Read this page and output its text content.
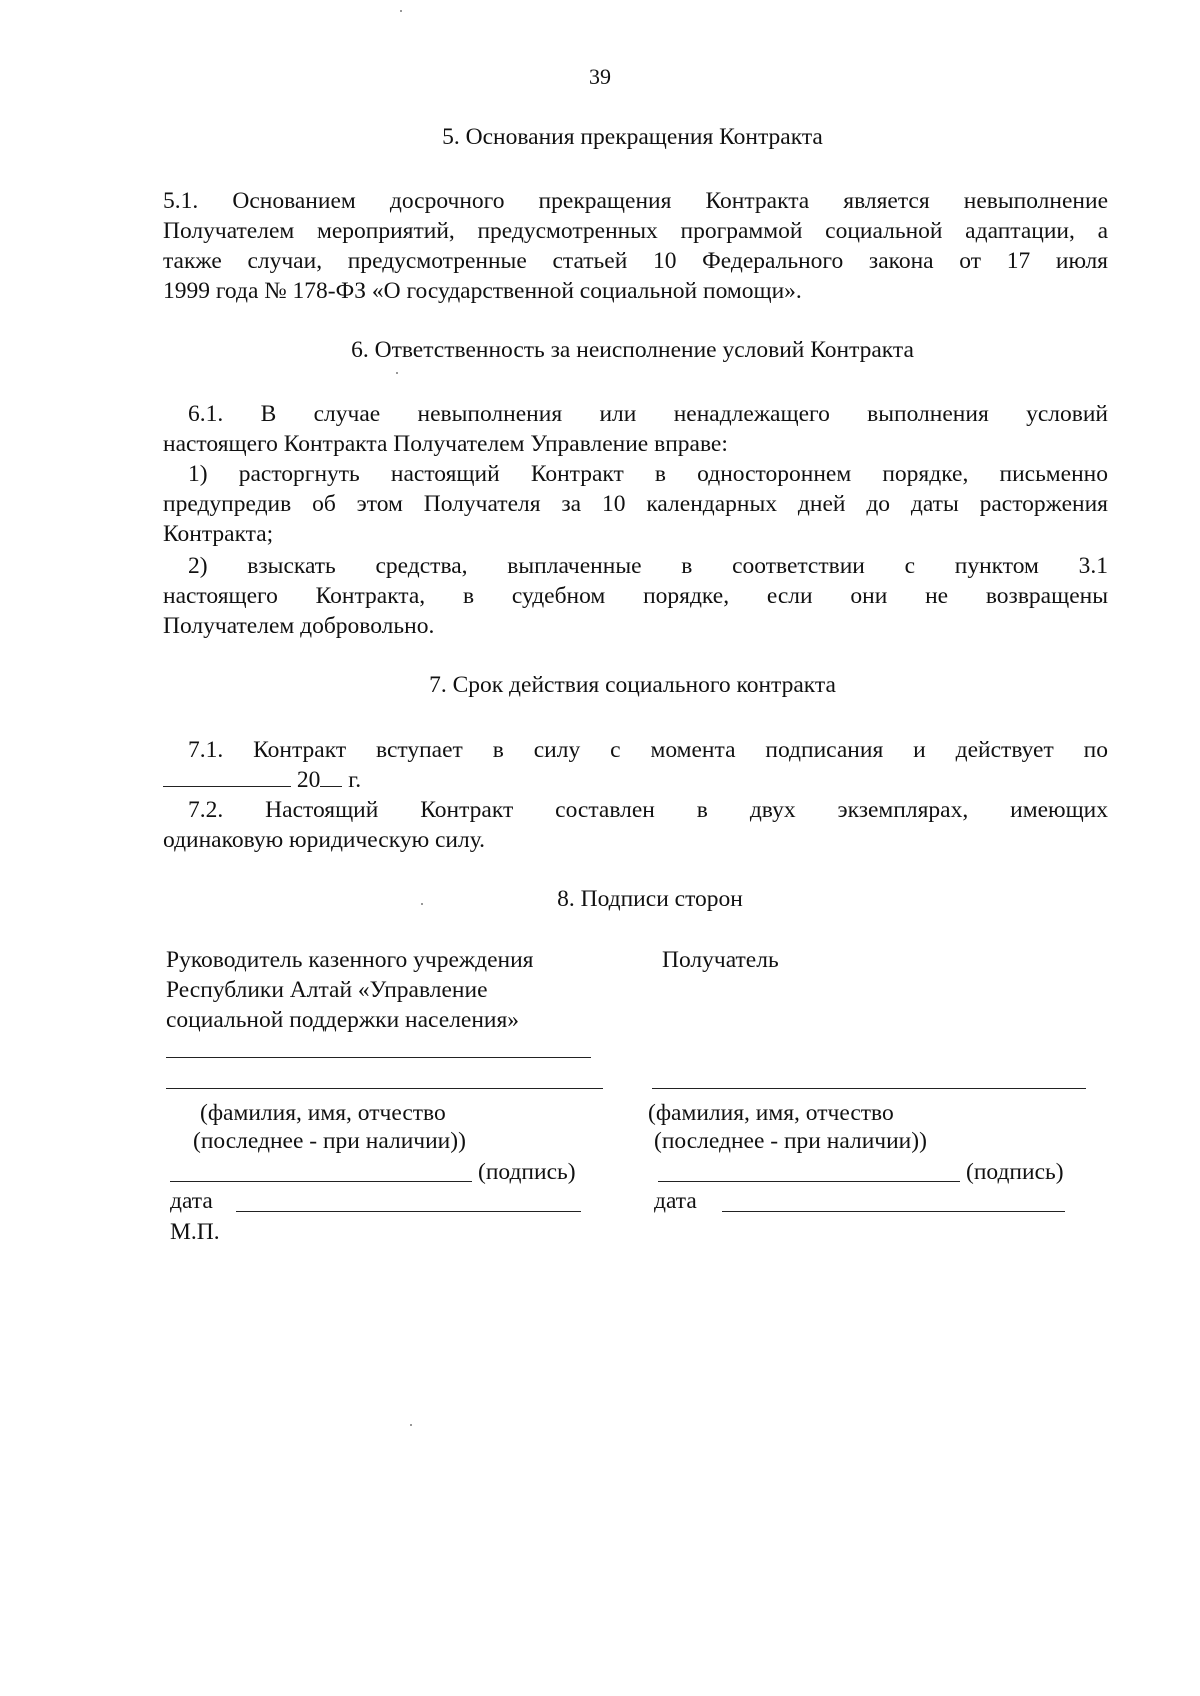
39
5. Основания прекращения Контракта
5.1. Основанием досрочного прекращения Контракта является невыполнение
Получателем мероприятий, предусмотренных программой социальной адаптации, а
также случаи, предусмотренные статьей 10 Федерального закона от 17 июля
1999 года № 178-ФЗ «О государственной социальной помощи».
6. Ответственность за неисполнение условий Контракта
6.1. В случае невыполнения или ненадлежащего выполнения условий
настоящего Контракта Получателем Управление вправе:
1) расторгнуть настоящий Контракт в одностороннем порядке, письменно
предупредив об этом Получателя за 10 календарных дней до даты расторжения
Контракта;
2) взыскать средства, выплаченные в соответствии с пунктом 3.1
настоящего Контракта, в судебном порядке, если они не возвращены
Получателем добровольно.
7. Срок действия социального контракта
7.1. Контракт вступает в силу с момента подписания и действует по
20 г.
7.2. Настоящий Контракт составлен в двух экземплярах, имеющих
одинаковую юридическую силу.
8. Подписи сторон
Руководитель казенного учреждения
Республики Алтай «Управление
социальной поддержки населения»
(фамилия, имя, отчество
(последнее - при наличии))
(подпись)
дата
М.П.
Получатель
(фамилия, имя, отчество
(последнее - при наличии))
(подпись)
дата
